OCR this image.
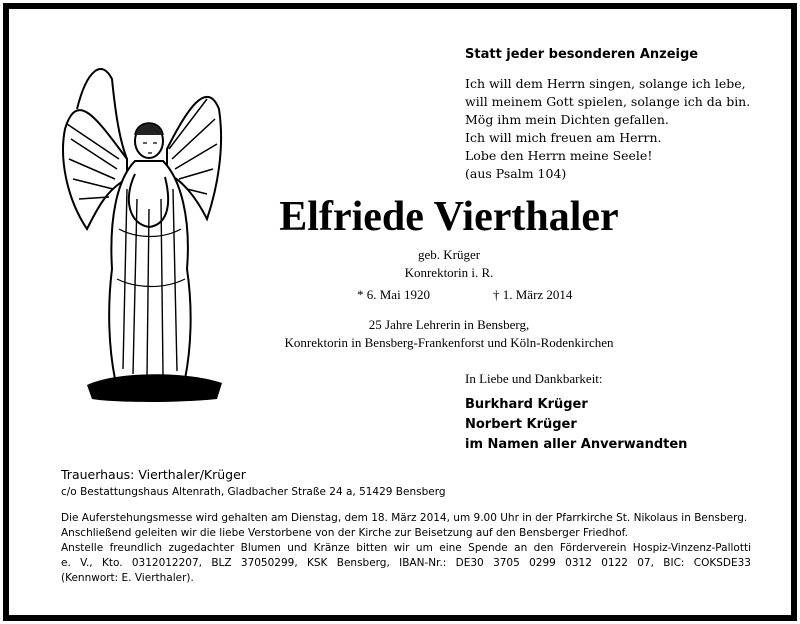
Statt jeder besonderen Anzeige
Ich will dem Herrn singen, solange ich lebe,
will meinem Gott spielen, solange ich da bin.
Mög ihm mein Dichten gefallen.
Ich will mich freuen am Herrn.
Lobe den Herrn meine Seele!
(aus Psalm 104)
Elfriede Vierthaler
geb. Krüger
Konrektorin i. R.
* 6. Mai 1920	† 1. März 2014
25 Jahre Lehrerin in Bensberg,
Konrektorin in Bensberg-Frankenforst und Köln-Rodenkirchen
In Liebe und Dankbarkeit:
Burkhard Krüger
Norbert Krüger
im Namen aller Anverwandten
Trauerhaus: Vierthaler/Krüger
c/o Bestattungshaus Altenrath, Gladbacher Straße 24 a, 51429 Bensberg
Die Auferstehungsmesse wird gehalten am Dienstag, dem 18. März 2014, um 9.00 Uhr in der Pfarrkirche St. Nikolaus in Bensberg.
Anschließend geleiten wir die liebe Verstorbene von der Kirche zur Beisetzung auf den Bensberger Friedhof.
Anstelle freundlich zugedachter Blumen und Kränze bitten wir um eine Spende an den Förderverein Hospiz-Vinzenz-Pallotti
e. V., Kto. 0312012207, BLZ 37050299, KSK Bensberg, IBAN-Nr.: DE30 3705 0299 0312 0122 07, BIC: COKSDE33
(Kennwort: E. Vierthaler).
